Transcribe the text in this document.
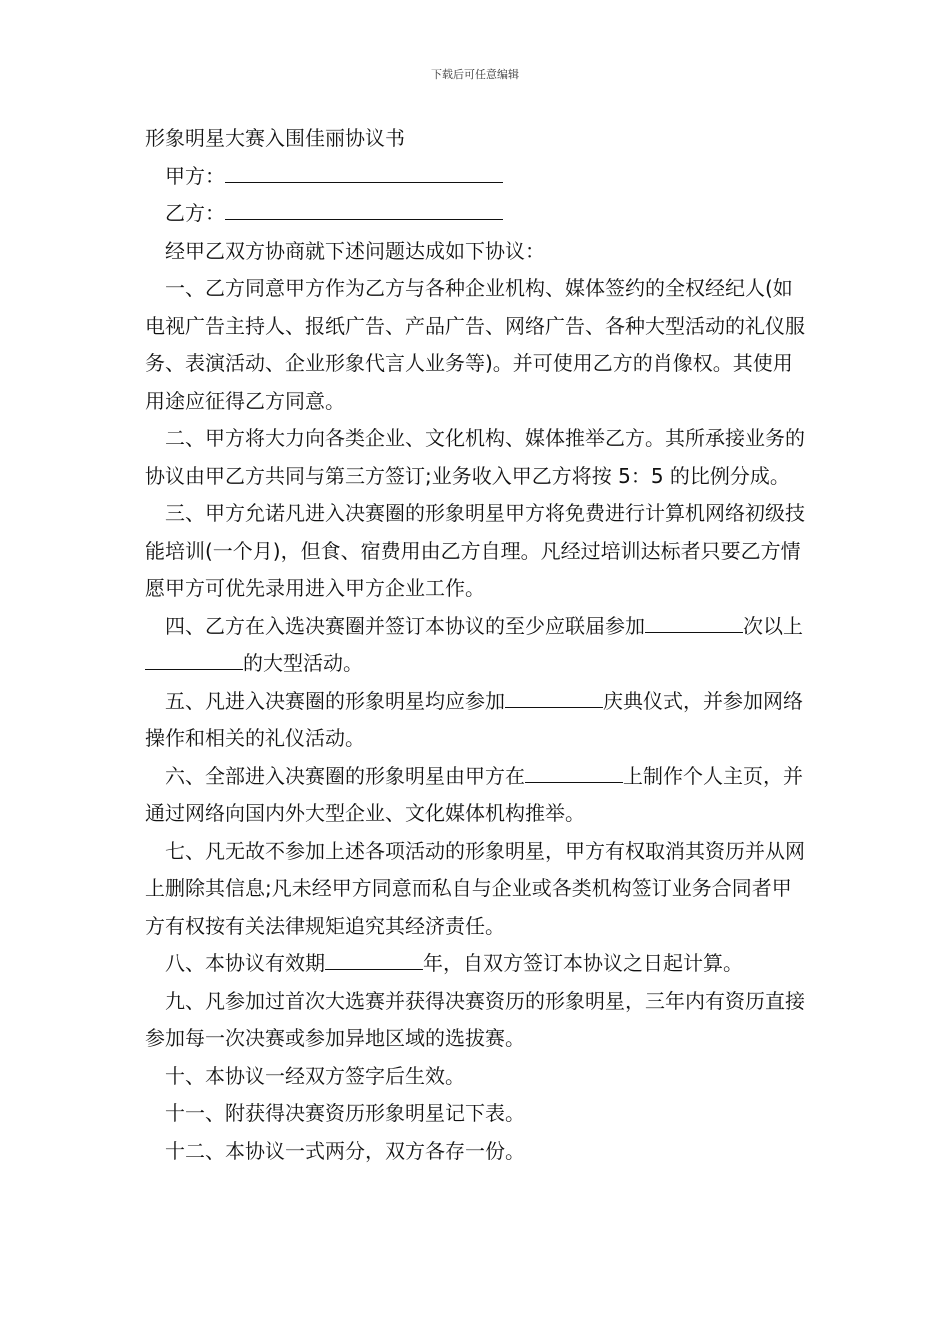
下载后可任意编辑

形象明星大赛入围佳丽协议书

　甲方：

　乙方：

　经甲乙双方协商就下述问题达成如下协议：

　一、乙方同意甲方作为乙方与各种企业机构、媒体签约的全权经纪人(如电视广告主持人、报纸广告、产品广告、网络广告、各种大型活动的礼仪服务、表演活动、企业形象代言人业务等)。并可使用乙方的肖像权。其使用用途应征得乙方同意。

　二、甲方将大力向各类企业、文化机构、媒体推举乙方。其所承接业务的协议由甲乙方共同与第三方签订;业务收入甲乙方将按 5：5 的比例分成。

　三、甲方允诺凡进入决赛圈的形象明星甲方将免费进行计算机网络初级技能培训(一个月)，但食、宿费用由乙方自理。凡经过培训达标者只要乙方情愿甲方可优先录用进入甲方企业工作。

　四、乙方在入选决赛圈并签订本协议的至少应联届参加	次以上的大型活动。

　五、凡进入决赛圈的形象明星均应参加	庆典仪式，并参加网络操作和相关的礼仪活动。

　六、全部进入决赛圈的形象明星由甲方在	上制作个人主页，并通过网络向国内外大型企业、文化媒体机构推举。

　七、凡无故不参加上述各项活动的形象明星，甲方有权取消其资历并从网上删除其信息;凡未经甲方同意而私自与企业或各类机构签订业务合同者甲方有权按有关法律规矩追究其经济责任。

　八、本协议有效期	年，自双方签订本协议之日起计算。

　九、凡参加过首次大选赛并获得决赛资历的形象明星，三年内有资历直接参加每一次决赛或参加异地区域的选拔赛。

　十、本协议一经双方签字后生效。

　十一、附获得决赛资历形象明星记下表。

　十二、本协议一式两分，双方各存一份。
